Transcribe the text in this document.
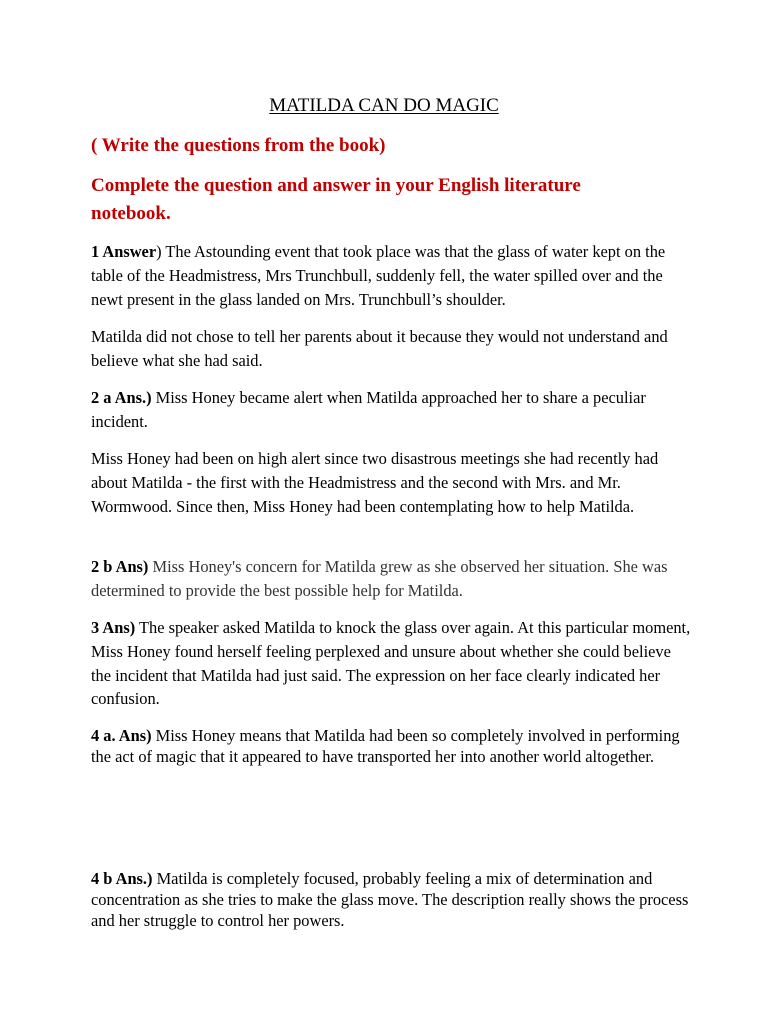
MATILDA CAN DO MAGIC
( Write the questions from the book)
Complete the question and answer in your English literature notebook.

1 Answer) The Astounding event that took place was that the glass of water kept on the table of the Headmistress, Mrs Trunchbull, suddenly fell, the water spilled over and the newt present in the glass landed on Mrs. Trunchbull’s shoulder.

Matilda did not chose to tell her parents about it because they would not understand and believe what she had said.

2 a Ans.) Miss Honey became alert when Matilda approached her to share a peculiar incident.

Miss Honey had been on high alert since two disastrous meetings she had recently had about Matilda - the first with the Headmistress and the second with Mrs. and Mr. Wormwood. Since then, Miss Honey had been contemplating how to help Matilda.

2 b Ans) Miss Honey's concern for Matilda grew as she observed her situation. She was determined to provide the best possible help for Matilda.

3 Ans) The speaker asked Matilda to knock the glass over again. At this particular moment, Miss Honey found herself feeling perplexed and unsure about whether she could believe the incident that Matilda had just said. The expression on her face clearly indicated her confusion.

4 a. Ans) Miss Honey means that Matilda had been so completely involved in performing the act of magic that it appeared to have transported her into another world altogether.

4 b Ans.) Matilda is completely focused, probably feeling a mix of determination and concentration as she tries to make the glass move. The description really shows the process and her struggle to control her powers.
